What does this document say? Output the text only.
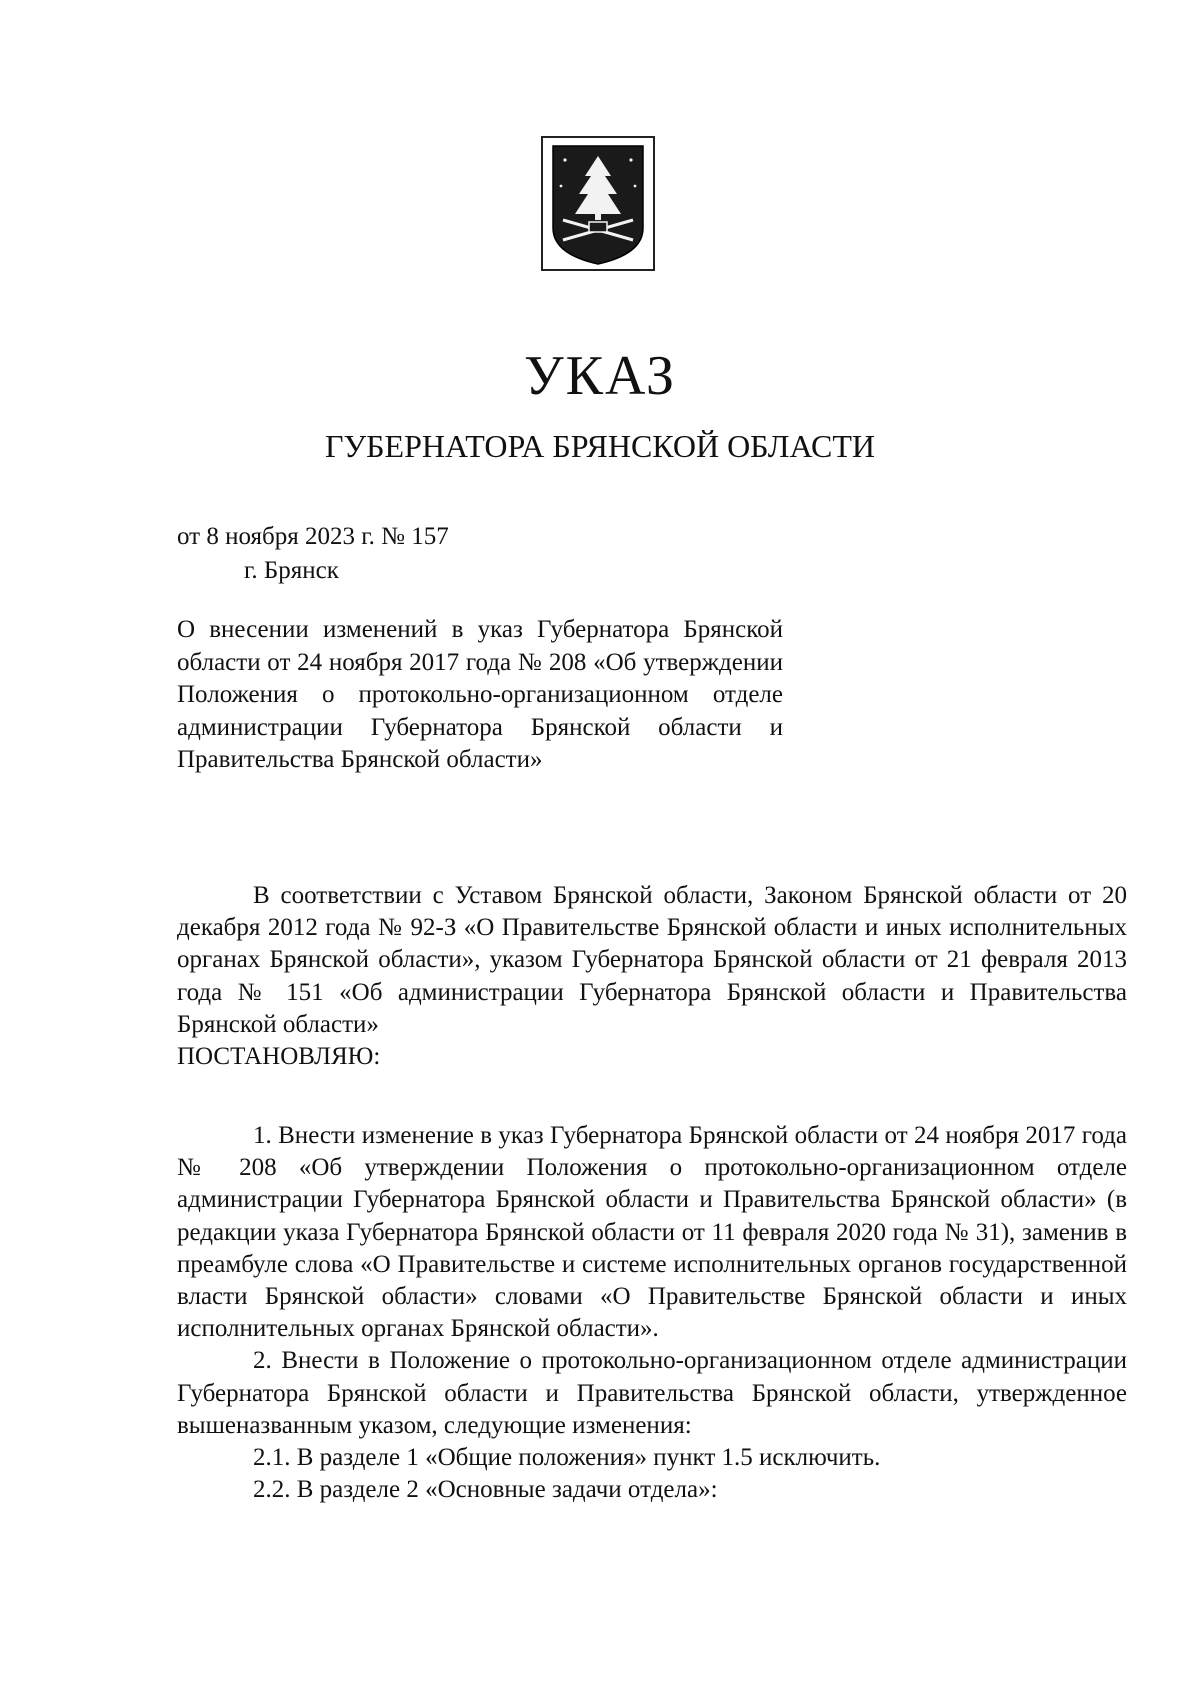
УКАЗ
ГУБЕРНАТОРА БРЯНСКОЙ ОБЛАСТИ
от 8 ноября 2023 г. № 157
г. Брянск

О внесении изменений в указ Губернатора Брянской области от 24 ноября 2017 года № 208 «Об утверждении Положения о протокольно-организационном отделе администрации Губернатора Брянской области и Правительства Брянской области»

В соответствии с Уставом Брянской области, Законом Брянской области от 20 декабря 2012 года № 92-З «О Правительстве Брянской области и иных исполнительных органах Брянской области», указом Губернатора Брянской области от 21 февраля 2013 года № 151 «Об администрации Губернатора Брянской области и Правительства Брянской области»

ПОСТАНОВЛЯЮ:

1. Внести изменение в указ Губернатора Брянской области от 24 ноября 2017 года № 208 «Об утверждении Положения о протокольно-организационном отделе администрации Губернатора Брянской области и Правительства Брянской области» (в редакции указа Губернатора Брянской области от 11 февраля 2020 года № 31), заменив в преамбуле слова «О Правительстве и системе исполнительных органов государственной власти Брянской области» словами «О Правительстве Брянской области и иных исполнительных органах Брянской области».

2. Внести в Положение о протокольно-организационном отделе администрации Губернатора Брянской области и Правительства Брянской области, утвержденное вышеназванным указом, следующие изменения:

2.1. В разделе 1 «Общие положения» пункт 1.5 исключить.

2.2. В разделе 2 «Основные задачи отдела»:
